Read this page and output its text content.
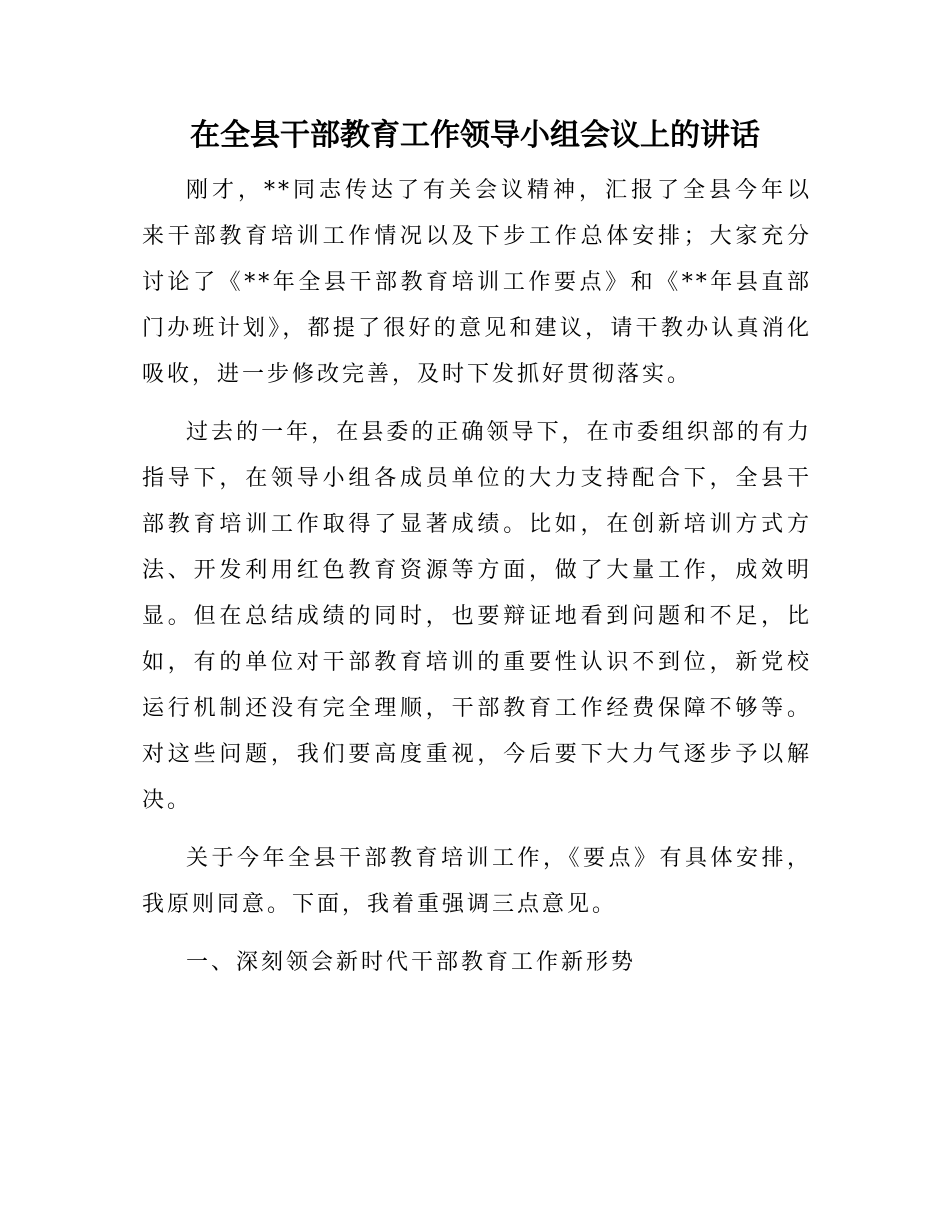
在全县干部教育工作领导小组会议上的讲话

刚才，**同志传达了有关会议精神，汇报了全县今年以来干部教育培训工作情况以及下步工作总体安排；大家充分讨论了《**年全县干部教育培训工作要点》和《**年县直部门办班计划》，都提了很好的意见和建议，请干教办认真消化吸收，进一步修改完善，及时下发抓好贯彻落实。

过去的一年，在县委的正确领导下，在市委组织部的有力指导下，在领导小组各成员单位的大力支持配合下，全县干部教育培训工作取得了显著成绩。比如，在创新培训方式方法、开发利用红色教育资源等方面，做了大量工作，成效明显。但在总结成绩的同时，也要辩证地看到问题和不足，比如，有的单位对干部教育培训的重要性认识不到位，新党校运行机制还没有完全理顺，干部教育工作经费保障不够等。对这些问题，我们要高度重视，今后要下大力气逐步予以解决。

关于今年全县干部教育培训工作，《要点》有具体安排，我原则同意。下面，我着重强调三点意见。

一、深刻领会新时代干部教育工作新形势
